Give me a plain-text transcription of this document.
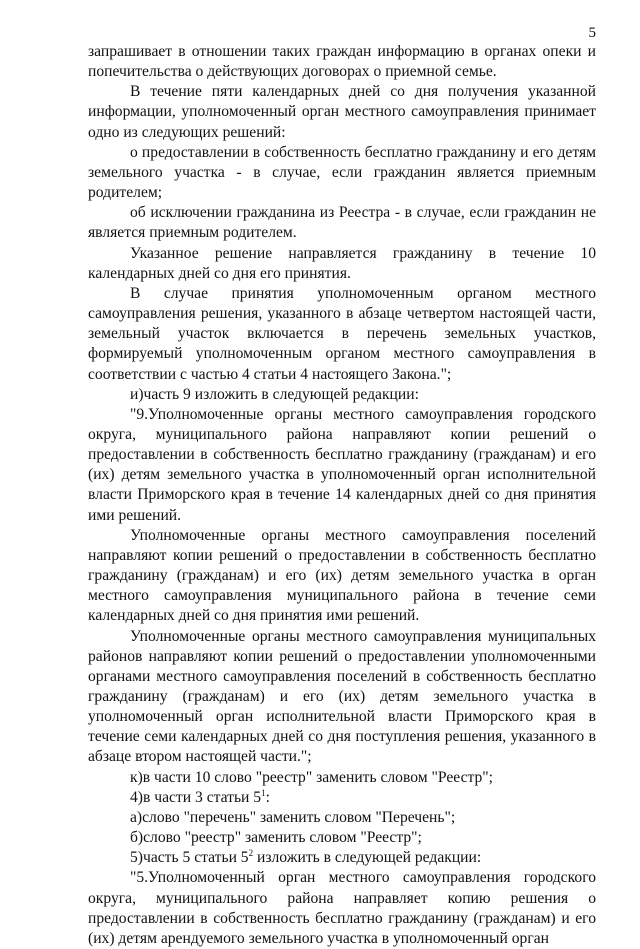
5

запрашивает в отношении таких граждан информацию в органах опеки и попечительства о действующих договорах о приемной семье.

В течение пяти календарных дней со дня получения указанной информации, уполномоченный орган местного самоуправления принимает одно из следующих решений:

о предоставлении в собственность бесплатно гражданину и его детям земельного участка - в случае, если гражданин является приемным родителем;

об исключении гражданина из Реестра - в случае, если гражданин не является приемным родителем.

Указанное решение направляется гражданину в течение 10 календарных дней со дня его принятия.

В случае принятия уполномоченным органом местного самоуправления решения, указанного в абзаце четвертом настоящей части, земельный участок включается в перечень земельных участков, формируемый уполномоченным органом местного самоуправления в соответствии с частью 4 статьи 4 настоящего Закона.";

и)часть 9 изложить в следующей редакции:

"9.Уполномоченные органы местного самоуправления городского округа, муниципального района направляют копии решений о предоставлении в собственность бесплатно гражданину (гражданам) и его (их) детям земельного участка в уполномоченный орган исполнительной власти Приморского края в течение 14 календарных дней со дня принятия ими решений.

Уполномоченные органы местного самоуправления поселений направляют копии решений о предоставлении в собственность бесплатно гражданину (гражданам) и его (их) детям земельного участка в орган местного самоуправления муниципального района в течение семи календарных дней со дня принятия ими решений.

Уполномоченные органы местного самоуправления муниципальных районов направляют копии решений о предоставлении уполномоченными органами местного самоуправления поселений в собственность бесплатно гражданину (гражданам) и его (их) детям земельного участка в уполномоченный орган исполнительной власти Приморского края в течение семи календарных дней со дня поступления решения, указанного в абзаце втором настоящей части.";

к)в части 10 слово "реестр" заменить словом "Реестр";

4)в части 3 статьи $5^1$:

а)слово "перечень" заменить словом "Перечень";

б)слово "реестр" заменить словом "Реестр";

5)часть 5 статьи $5^2$ изложить в следующей редакции:

"5.Уполномоченный орган местного самоуправления городского округа, муниципального района направляет копию решения о предоставлении в собственность бесплатно гражданину (гражданам) и его (их) детям арендуемого земельного участка в уполномоченный орган
